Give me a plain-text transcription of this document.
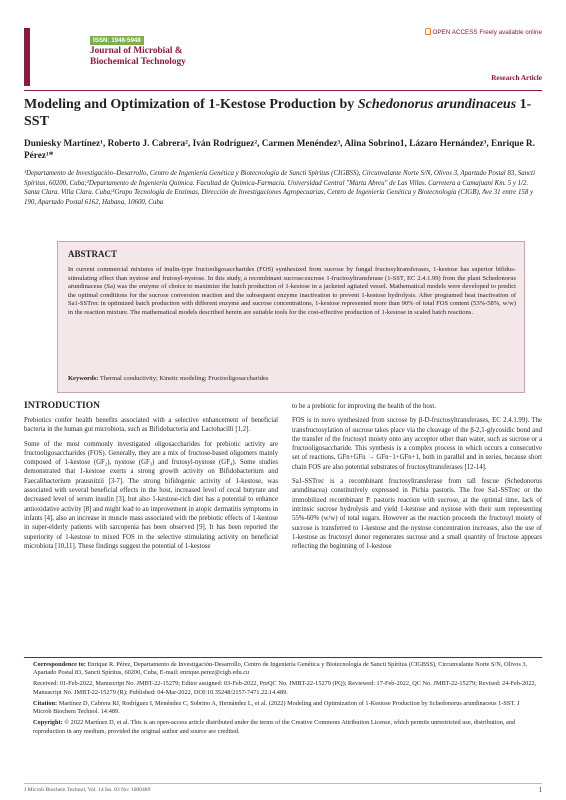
ISSN: 1948-5948
Journal of Microbial & Biochemical Technology
OPEN ACCESS Freely available online
Research Article
Modeling and Optimization of 1-Kestose Production by Schedonorus arundinaceus 1-SST
Duniesky Martínez¹, Roberto J. Cabrera², Iván Rodríguez², Carmen Menéndez³, Alina Sobrino1, Lázaro Hernández³, Enrique R. Pérez¹*
¹Departamento de Investigación–Desarrollo, Centro de Ingeniería Genética y Biotecnología de Sancti Spíritus (CIGBSS), Circunvalante Norte S/N, Olivos 3, Apartado Postal 83, Sancti Spíritus, 60200, Cuba;²Departamento de Ingeniería Química. Facultad de Química-Farmacia. Universidad Central "Marta Abreu" de Las Villas. Carretera a Camajuaní Km. 5 y 1/2. Santa Clara. Villa Clara. Cuba;³Grupo Tecnología de Enzimas, Dirección de Investigaciones Agropecuarias, Centro de Ingeniería Genética y Biotecnología (CIGB), Ave 31 entre 158 y 190, Apartado Postal 6162, Habana, 10600, Cuba
ABSTRACT
In current commercial mixtures of inulin-type fructooligosaccharides (FOS) synthesized from sucrose by fungal fructosyltransferases, 1-kestose has superior bifidus-stimulating effect than nystose and frutosyl-nystose. In this study, a recombinant sucrose:sucrose 1-fructosyltransferase (1-SST, EC 2.4.1.99) from the plant Schedonorus arundinaceus (Sa) was the enzyme of choice to maximize the batch production of 1-kestose in a jacketed agitated vessel. Mathematical models were developed to predict the optimal conditions for the sucrose conversion reaction and the subsequent enzyme inactivation to prevent 1-kestose hydrolysis. After programed heat inactivation of Sa1-SSTrec in optimized batch production with different enzyme and sucrose concentrations, 1-kestose represented more than 90% of total FOS content (53%-58%, w/w) in the reaction mixture. The mathematical models described herein are suitable tools for the cost-effective production of 1-kestose in scaled batch reactions.
Keywords: Thermal conductivity; Kinetic modeling; Fructooligosaccharides
INTRODUCTION

Prebiotics confer health benefits associated with a selective enhancement of beneficial bacteria in the human gut microbiota, such as Bifidobacteria and Lactobacilli [1,2].

Some of the most commonly investigated oligosaccharides for prebiotic activity are fructooligosaccharides (FOS). Generally, they are a mix of fructose-based oligomers mainly composed of 1-kestose (GF₂), nystose (GF₃) and frutosyl-nystose (GF₄). Some studies demonstrated that 1-kestose exerts a strong growth activity on Bifidobacterium and Faecalibacterium prausnitzii [3-7]. The strong bifidogenic activity of 1-kestose, was associated with several beneficial effects in the host, increased level of cecal butyrate and decreased level of serum insulin [3], but also 1-kestose-rich diet has a potential to enhance antioxidative activity [8] and might lead to an improvement in atopic dermatitis symptoms in infants [4], also an increase in muscle mass associated with the prebiotic effects of 1-kestose in super-elderly patients with sarcopenia has been observed [9]. It has been reported the superiority of 1-kestose to mixed FOS in the selective stimulating activity on beneficial microbiota [10,11]. These findings suggest the potential of 1-kestose

to be a prebiotic for improving the health of the host.

FOS is in novo synthesized from sucrose by β-D-fructosyltransferases, EC 2.4.1.99). The transfructosylation of sucrose takes place via the cleavage of the β-2,1-glycosidic bond and the transfer of the fructosyl moiety onto any acceptor other than water, such as sucrose or a fructooligosaccharide. This synthesis is a complex process in which occurs a consecutive set of reactions, GFn+GFn → GFn−1+GFn+1, both in parallel and in series, because short chain FOS are also potential substrates of fructosyltransferases [12-14].

Sa1-SSTrec is a recombinant fructosyltransferase from tall fescue (Schedonorus arundinacea) constitutively expressed in Pichia pastoris. The free Sa1-SSTrec or the immobilized recombinant P. pastoris reaction with sucrose, at the optimal time, lack of intrinsic sucrose hydrolysis and yield 1-kestose and nystose with their sum representing 55%-60% (w/w) of total sugars. However as the reaction proceeds the fructosyl moiety of sucrose is transferred to 1-kestose and the nystose concentration increases, also the use of 1-kestose as fructosyl donor regenerates sucrose and a small quantity of fructose appears reflecting the beginning of 1-kestose

Correspondence to: Enrique R. Pérez, Departamento de Investigación-Desarrollo, Centro de Ingeniería Genética y Biotecnología de Sancti Spíritus (CIGBSS), Circunvalante Norte S/N, Olivos 3, Apartado Postal 83, Sancti Spíritus, 60200, Cuba, E-mail: enrique.perez@cigb.edu.cu

Received: 01-Feb-2022, Manuscript No. JMBT-22-15279; Editor assigned: 03-Feb-2022, PreQC No. JMBT-22-15279 (PQ); Reviewed: 17-Feb-2022, QC No. JMBT-22-15279; Revised: 24-Feb-2022, Manuscript No. JMBT-22-15279 (R); Published: 04-Mar-2022, DOI:10.35248/2157-7471.22.14.489.

Citation: Martínez D, Cabrera RJ, Rodríguez I, Menéndez C, Sobrino A, Hernández L, et al. (2022) Modeling and Optimization of 1-Kestose Production by Schedonorus arundinaceus 1-SST. J Microb Biochem Technol. 14:489.

Copyright: © 2022 Martínez D, et al. This is an open-access article distributed under the terms of the Creative Commons Attribution License, which permits unrestricted use, distribution, and reproduction in any medium, provided the original author and source are credited.

J Microb Biochem Technol, Vol. 14 Iss. 03 No: 1000489	1
